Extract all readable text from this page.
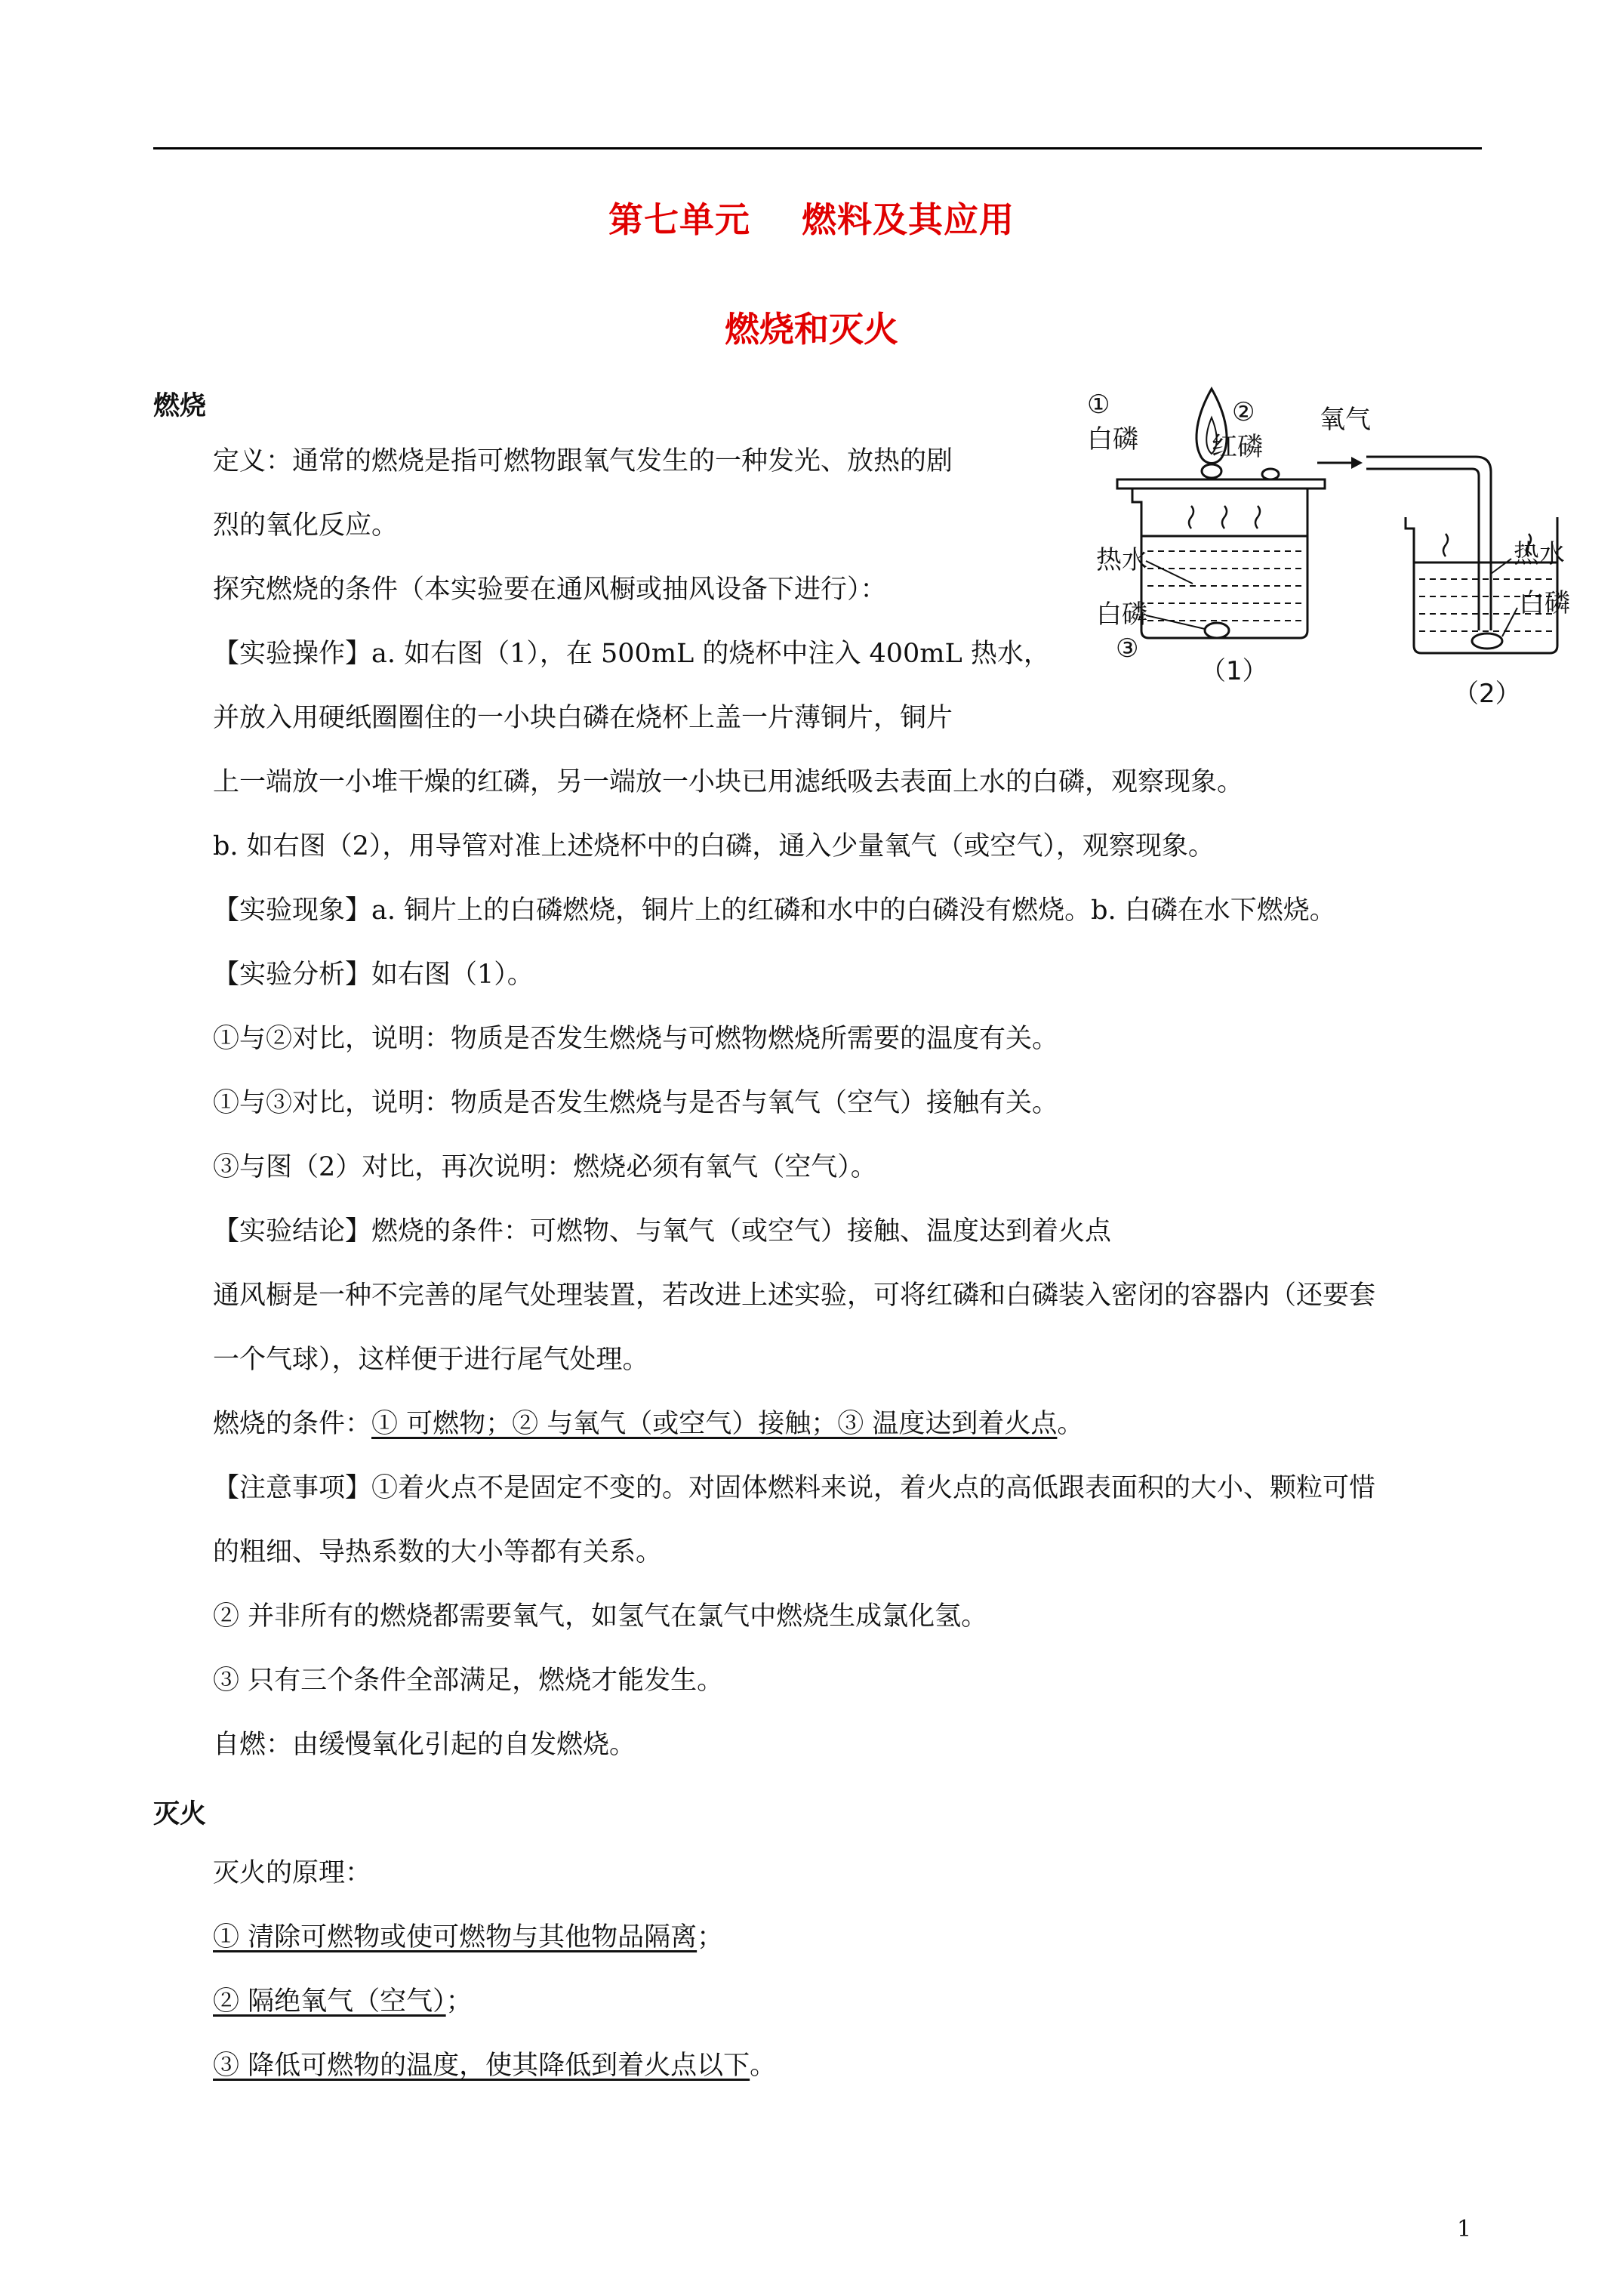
第七单元    燃料及其应用
燃烧和灭火
燃烧
定义：通常的燃烧是指可燃物跟氧气发生的一种发光、放热的剧
烈的氧化反应。
探究燃烧的条件（本实验要在通风橱或抽风设备下进行）：
【实验操作】a. 如右图（1），在 500mL 的烧杯中注入 400mL 热水，
并放入用硬纸圈圈住的一小块白磷在烧杯上盖一片薄铜片，铜片
上一端放一小堆干燥的红磷，另一端放一小块已用滤纸吸去表面上水的白磷，观察现象。
b. 如右图（2），用导管对准上述烧杯中的白磷，通入少量氧气（或空气），观察现象。
【实验现象】a. 铜片上的白磷燃烧，铜片上的红磷和水中的白磷没有燃烧。b. 白磷在水下燃烧。
【实验分析】如右图（1）。
①与②对比，说明：物质是否发生燃烧与可燃物燃烧所需要的温度有关。
①与③对比，说明：物质是否发生燃烧与是否与氧气（空气）接触有关。
③与图（2）对比，再次说明：燃烧必须有氧气（空气）。
【实验结论】燃烧的条件：可燃物、与氧气（或空气）接触、温度达到着火点
通风橱是一种不完善的尾气处理装置，若改进上述实验，可将红磷和白磷装入密闭的容器内（还要套
一个气球），这样便于进行尾气处理。
燃烧的条件：① 可燃物；② 与氧气（或空气）接触；③ 温度达到着火点。
【注意事项】①着火点不是固定不变的。对固体燃料来说，着火点的高低跟表面积的大小、颗粒可惜
的粗细、导热系数的大小等都有关系。
② 并非所有的燃烧都需要氧气，如氢气在氯气中燃烧生成氯化氢。
③ 只有三个条件全部满足，燃烧才能发生。
自燃：由缓慢氧化引起的自发燃烧。
灭火
灭火的原理：
① 清除可燃物或使可燃物与其他物品隔离；
② 隔绝氧气（空气）；
③ 降低可燃物的温度，使其降低到着火点以下。
①
白磷
②
红磷
氧气
热水
白磷
③
（1）
热水
白磷
（2）
1
